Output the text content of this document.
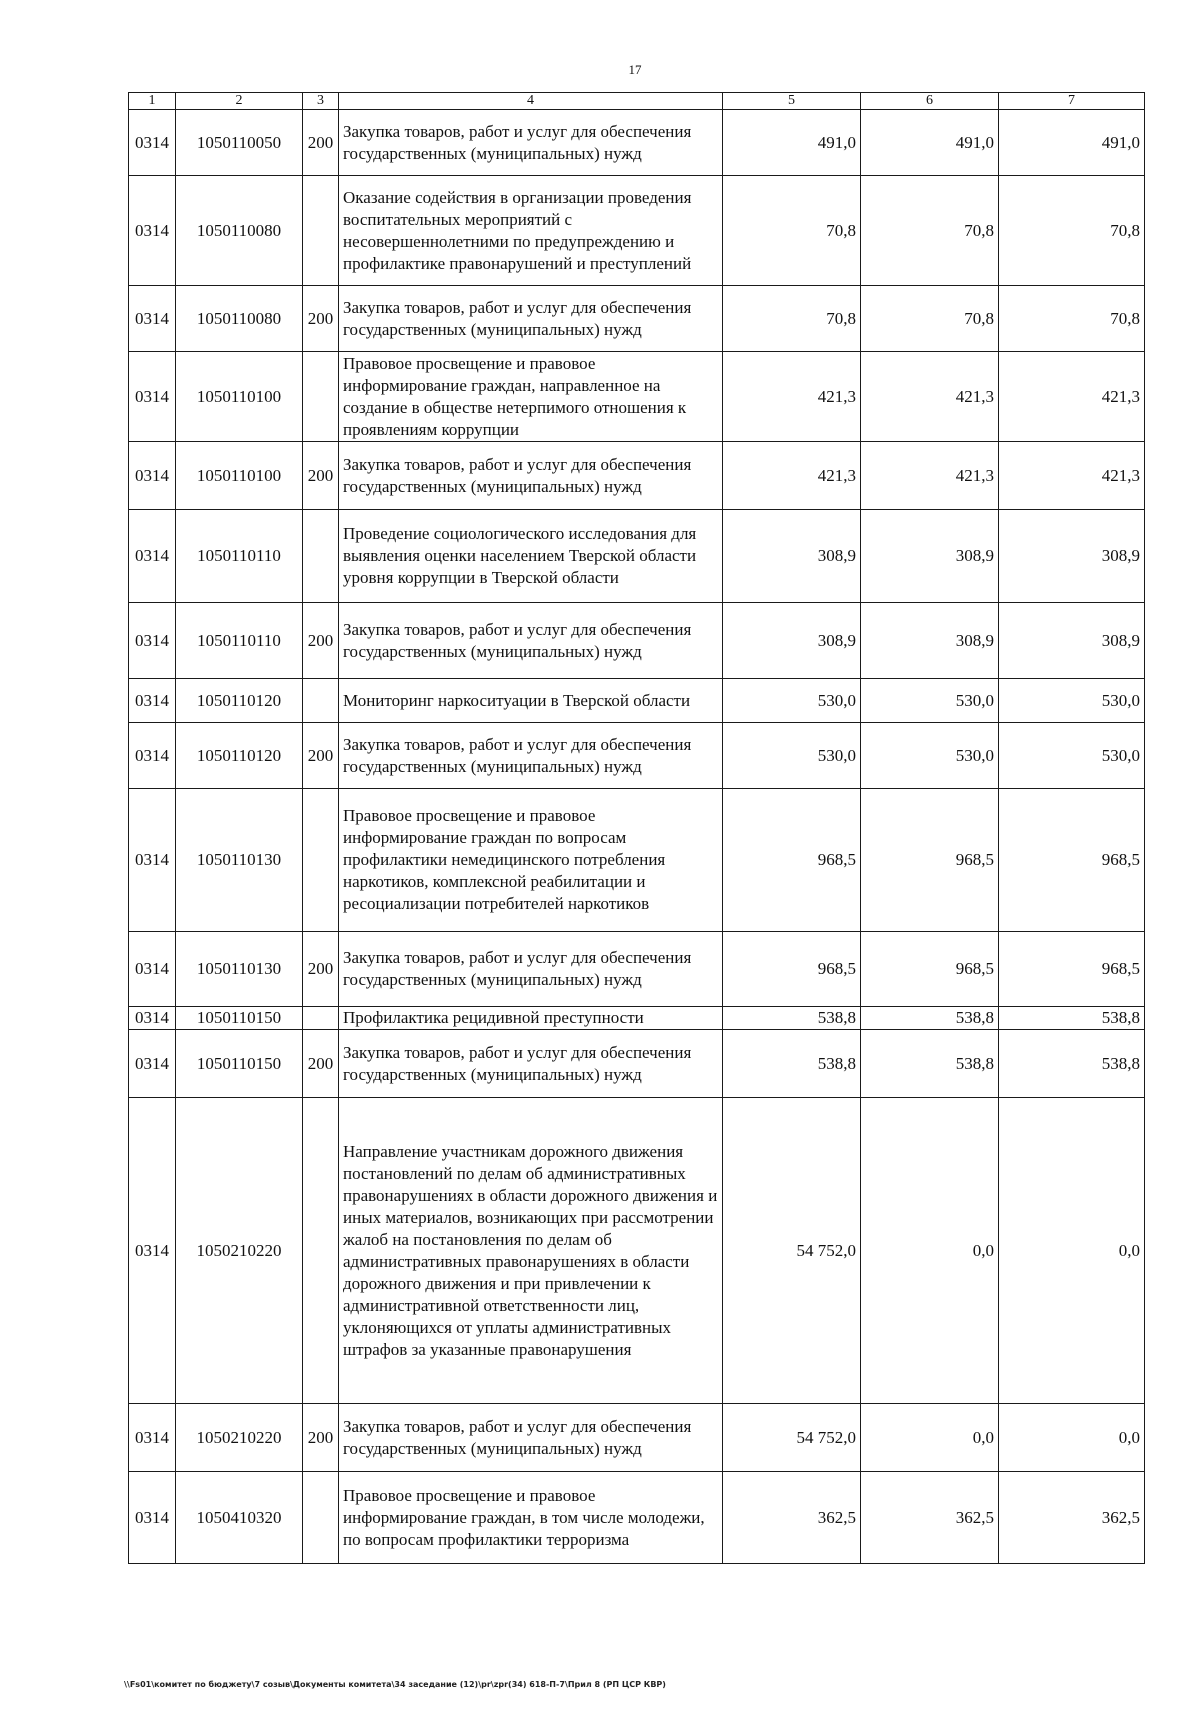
17
1	2	3	4	5	6	7
0314	1050110050	200	Закупка товаров, работ и услуг для обеспечения государственных (муниципальных) нужд	491,0	491,0	491,0
0314	1050110080		Оказание содействия в организации проведения воспитательных мероприятий с несовершеннолетними по предупреждению и профилактике правонарушений и преступлений	70,8	70,8	70,8
0314	1050110080	200	Закупка товаров, работ и услуг для обеспечения государственных (муниципальных) нужд	70,8	70,8	70,8
0314	1050110100		Правовое просвещение и правовое информирование граждан, направленное на создание в обществе нетерпимого отношения к проявлениям коррупции	421,3	421,3	421,3
0314	1050110100	200	Закупка товаров, работ и услуг для обеспечения государственных (муниципальных) нужд	421,3	421,3	421,3
0314	1050110110		Проведение социологического исследования для выявления оценки населением Тверской области уровня коррупции в Тверской области	308,9	308,9	308,9
0314	1050110110	200	Закупка товаров, работ и услуг для обеспечения государственных (муниципальных) нужд	308,9	308,9	308,9
0314	1050110120		Мониторинг наркоситуации в Тверской области	530,0	530,0	530,0
0314	1050110120	200	Закупка товаров, работ и услуг для обеспечения государственных (муниципальных) нужд	530,0	530,0	530,0
0314	1050110130		Правовое просвещение и правовое информирование граждан по вопросам профилактики немедицинского потребления наркотиков, комплексной реабилитации и ресоциализации потребителей наркотиков	968,5	968,5	968,5
0314	1050110130	200	Закупка товаров, работ и услуг для обеспечения государственных (муниципальных) нужд	968,5	968,5	968,5
0314	1050110150		Профилактика рецидивной преступности	538,8	538,8	538,8
0314	1050110150	200	Закупка товаров, работ и услуг для обеспечения государственных (муниципальных) нужд	538,8	538,8	538,8
0314	1050210220		Направление участникам дорожного движения постановлений по делам об административных правонарушениях в области дорожного движения и иных материалов, возникающих при рассмотрении жалоб на постановления по делам об административных правонарушениях в области дорожного движения и при привлечении к административной ответственности лиц, уклоняющихся от уплаты административных штрафов за указанные правонарушения	54 752,0	0,0	0,0
0314	1050210220	200	Закупка товаров, работ и услуг для обеспечения государственных (муниципальных) нужд	54 752,0	0,0	0,0
0314	1050410320		Правовое просвещение и правовое информирование граждан, в том числе молодежи, по вопросам профилактики терроризма	362,5	362,5	362,5
\\Fs01\комитет по бюджету\7 созыв\Документы комитета\34 заседание (12)\pr\zpr(34) 618-П-7\Прил 8 (РП ЦСР КВР)
